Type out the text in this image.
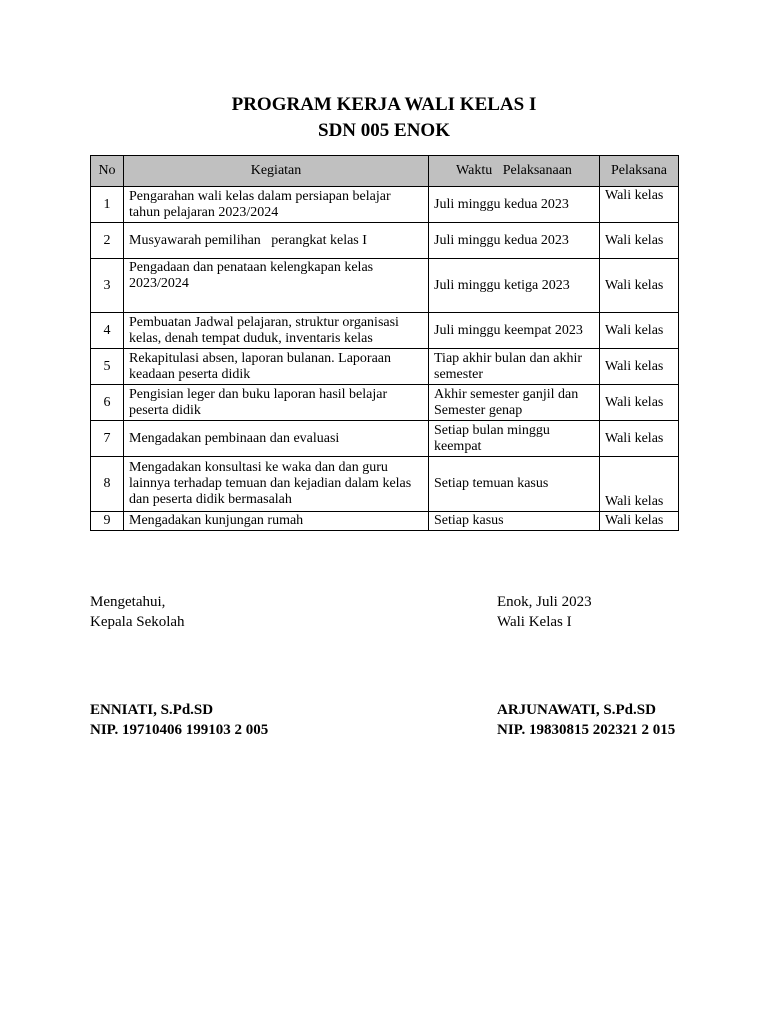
PROGRAM KERJA WALI KELAS I
SDN 005 ENOK
No	Kegiatan	Waktu   Pelaksanaan	Pelaksana
1	Pengarahan wali kelas dalam persiapan belajar tahun pelajaran 2023/2024	Juli minggu kedua 2023	Wali kelas
2	Musyawarah pemilihan   perangkat kelas I	Juli minggu kedua 2023	Wali kelas
3	Pengadaan dan penataan kelengkapan kelas 2023/2024	Juli minggu ketiga 2023	Wali kelas
4	Pembuatan Jadwal pelajaran, struktur organisasi kelas, denah tempat duduk, inventaris kelas	Juli minggu keempat 2023	Wali kelas
5	Rekapitulasi absen, laporan bulanan. Laporaan keadaan peserta didik	Tiap akhir bulan dan akhir semester	Wali kelas
6	Pengisian leger dan buku laporan hasil belajar peserta didik	Akhir semester ganjil dan Semester genap	Wali kelas
7	Mengadakan pembinaan dan evaluasi	Setiap bulan minggu keempat	Wali kelas
8	Mengadakan konsultasi ke waka dan dan guru lainnya terhadap temuan dan kejadian dalam kelas dan peserta didik bermasalah	Setiap temuan kasus	Wali kelas
9	Mengadakan kunjungan rumah	Setiap kasus	Wali kelas
Mengetahui,
Kepala Sekolah
ENNIATI, S.Pd.SD
NIP. 19710406 199103 2 005
Enok, Juli 2023
Wali Kelas I
ARJUNAWATI, S.Pd.SD
NIP. 19830815 202321 2 015
